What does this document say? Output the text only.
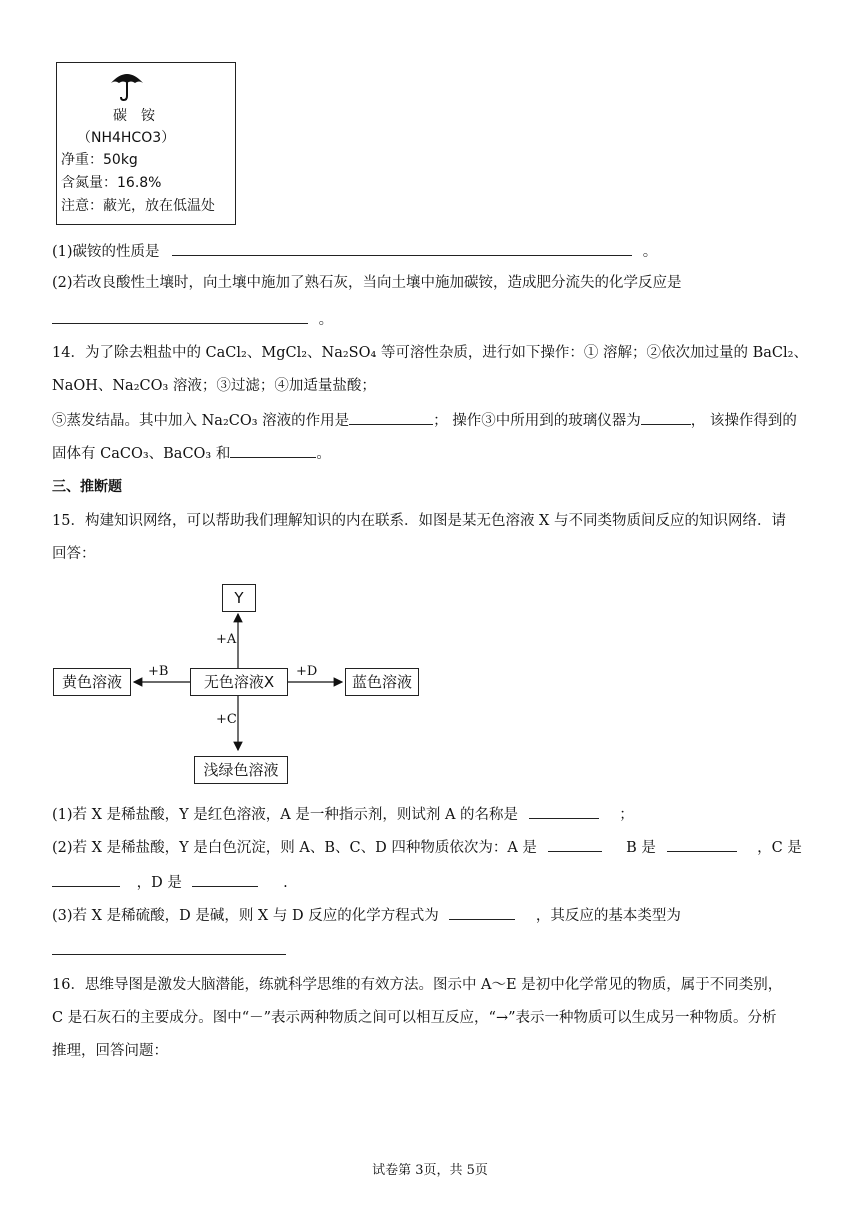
碳　铵
（NH4HCO3）
净重：50kg
含氮量：16.8%
注意：蔽光，放在低温处
(1)碳铵的性质是	。
(2)若改良酸性土壤时，向土壤中施加了熟石灰，当向土壤中施加碳铵，造成肥分流失的化学反应是
。
14．为了除去粗盐中的 CaCl₂、MgCl₂、Na₂SO₄ 等可溶性杂质，进行如下操作：① 溶解；②依次加过量的 BaCl₂、
NaOH、Na₂CO₃ 溶液；③过滤；④加适量盐酸；
⑤蒸发结晶。其中加入 Na₂CO₃ 溶液的作用是	； 操作③中所用到的玻璃仪器为	， 该操作得到的
固体有 CaCO₃、BaCO₃ 和	。
三、推断题
15．构建知识网络，可以帮助我们理解知识的内在联系．如图是某无色溶液 X 与不同类物质间反应的知识网络．请
回答：
Y
黄色溶液	无色溶液X	蓝色溶液
浅绿色溶液
+A
+B	+D
+C
(1)若 X 是稀盐酸，Y 是红色溶液，A 是一种指示剂，则试剂 A 的名称是	；
(2)若 X 是稀盐酸，Y 是白色沉淀，则 A、B、C、D 四种物质依次为：A 是	B 是	，C 是
，D 是	.
(3)若 X 是稀硫酸，D 是碱，则 X 与 D 反应的化学方程式为	，其反应的基本类型为
16．思维导图是激发大脑潜能，练就科学思维的有效方法。图示中 A～E 是初中化学常见的物质，属于不同类别，
C 是石灰石的主要成分。图中“－”表示两种物质之间可以相互反应，“→”表示一种物质可以生成另一种物质。分析
推理，回答问题：
试卷第 3页，共 5页
